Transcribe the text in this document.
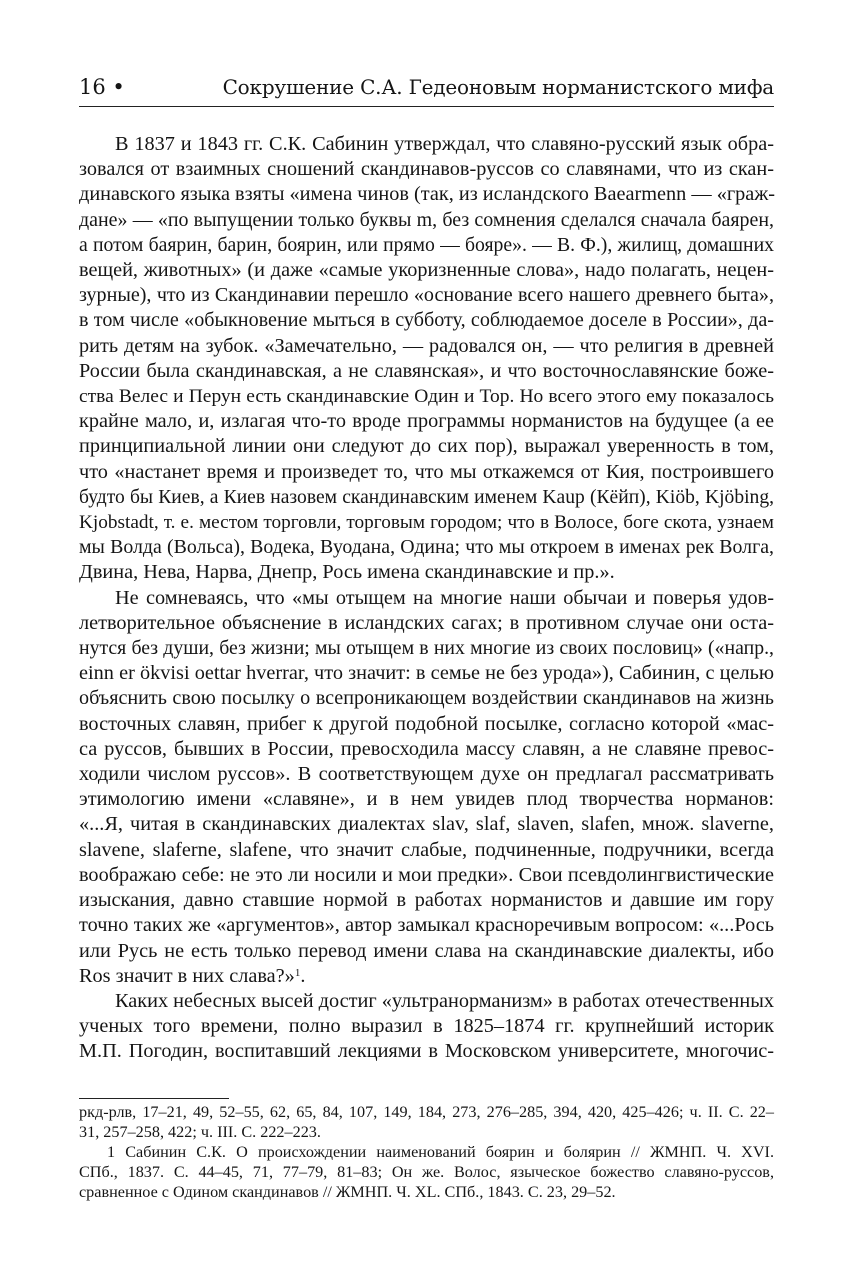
16 •	Сокрушение С.А. Гедеоновым норманистского мифа
В 1837 и 1843 гг. С.К. Сабинин утверждал, что славяно-русский язык обра-
зовался от взаимных сношений скандинавов-руссов со славянами, что из скан-
динавского языка взяты «имена чинов (так, из исландского Baearmenn — «граж-
дане» — «по выпущении только буквы m, без сомнения сделался сначала баярен,
а потом баярин, барин, боярин, или прямо — бояре». — В. Ф.), жилищ, домашних
вещей, животных» (и даже «самые укоризненные слова», надо полагать, нецен-
зурные), что из Скандинавии перешло «основание всего нашего древнего быта»,
в том числе «обыкновение мыться в субботу, соблюдаемое доселе в России», да-
рить детям на зубок. «Замечательно, — радовался он, — что религия в древней
России была скандинавская, а не славянская», и что восточнославянские боже-
ства Велес и Перун есть скандинавские Один и Тор. Но всего этого ему показалось
крайне мало, и, излагая что-то вроде программы норманистов на будущее (а ее
принципиальной линии они следуют до сих пор), выражал уверенность в том,
что «настанет время и произведет то, что мы откажемся от Кия, построившего
будто бы Киев, а Киев назовем скандинавским именем Kaup (Кёйп), Kiöb, Kjöbing,
Kjobstadt, т. е. местом торговли, торговым городом; что в Волосе, боге скота, узнаем
мы Волда (Вольса), Водека, Вуодана, Одина; что мы откроем в именах рек Волга,
Двина, Нева, Нарва, Днепр, Рось имена скандинавские и пр.».
Не сомневаясь, что «мы отыщем на многие наши обычаи и поверья удов-
летворительное объяснение в исландских сагах; в противном случае они оста-
нутся без души, без жизни; мы отыщем в них многие из своих пословиц» («напр.,
einn er ökvisi oettar hverrar, что значит: в семье не без урода»), Сабинин, с целью
объяснить свою посылку о всепроникающем воздействии скандинавов на жизнь
восточных славян, прибег к другой подобной посылке, согласно которой «мас-
са руссов, бывших в России, превосходила массу славян, а не славяне превос-
ходили числом руссов». В соответствующем духе он предлагал рассматривать
этимологию имени «славяне», и в нем увидев плод творчества норманов:
«...Я, читая в скандинавских диалектах slav, slaf, slaven, slafen, множ. slaverne,
slavene, slaferne, slafene, что значит слабые, подчиненные, подручники, всегда
воображаю себе: не это ли носили и мои предки». Свои псевдолингвистические
изыскания, давно ставшие нормой в работах норманистов и давшие им гору
точно таких же «аргументов», автор замыкал красноречивым вопросом: «...Рось
или Русь не есть только перевод имени слава на скандинавские диалекты, ибо
Ros значит в них слава?»$^1$.
Каких небесных высей достиг «ультранорманизм» в работах отечественных
ученых того времени, полно выразил в 1825–1874 гг. крупнейший историк
М.П. Погодин, воспитавший лекциями в Московском университете, многочис-
ркд-рлв, 17–21, 49, 52–55, 62, 65, 84, 107, 149, 184, 273, 276–285, 394, 420, 425–426; ч. II. С. 22–
31, 257–258, 422; ч. III. С. 222–223.
1 Сабинин С.К. О происхождении наименований боярин и болярин // ЖМНП. Ч. XVI.
СПб., 1837. С. 44–45, 71, 77–79, 81–83; Он же. Волос, языческое божество славяно-руссов,
сравненное с Одином скандинавов // ЖМНП. Ч. XL. СПб., 1843. С. 23, 29–52.
